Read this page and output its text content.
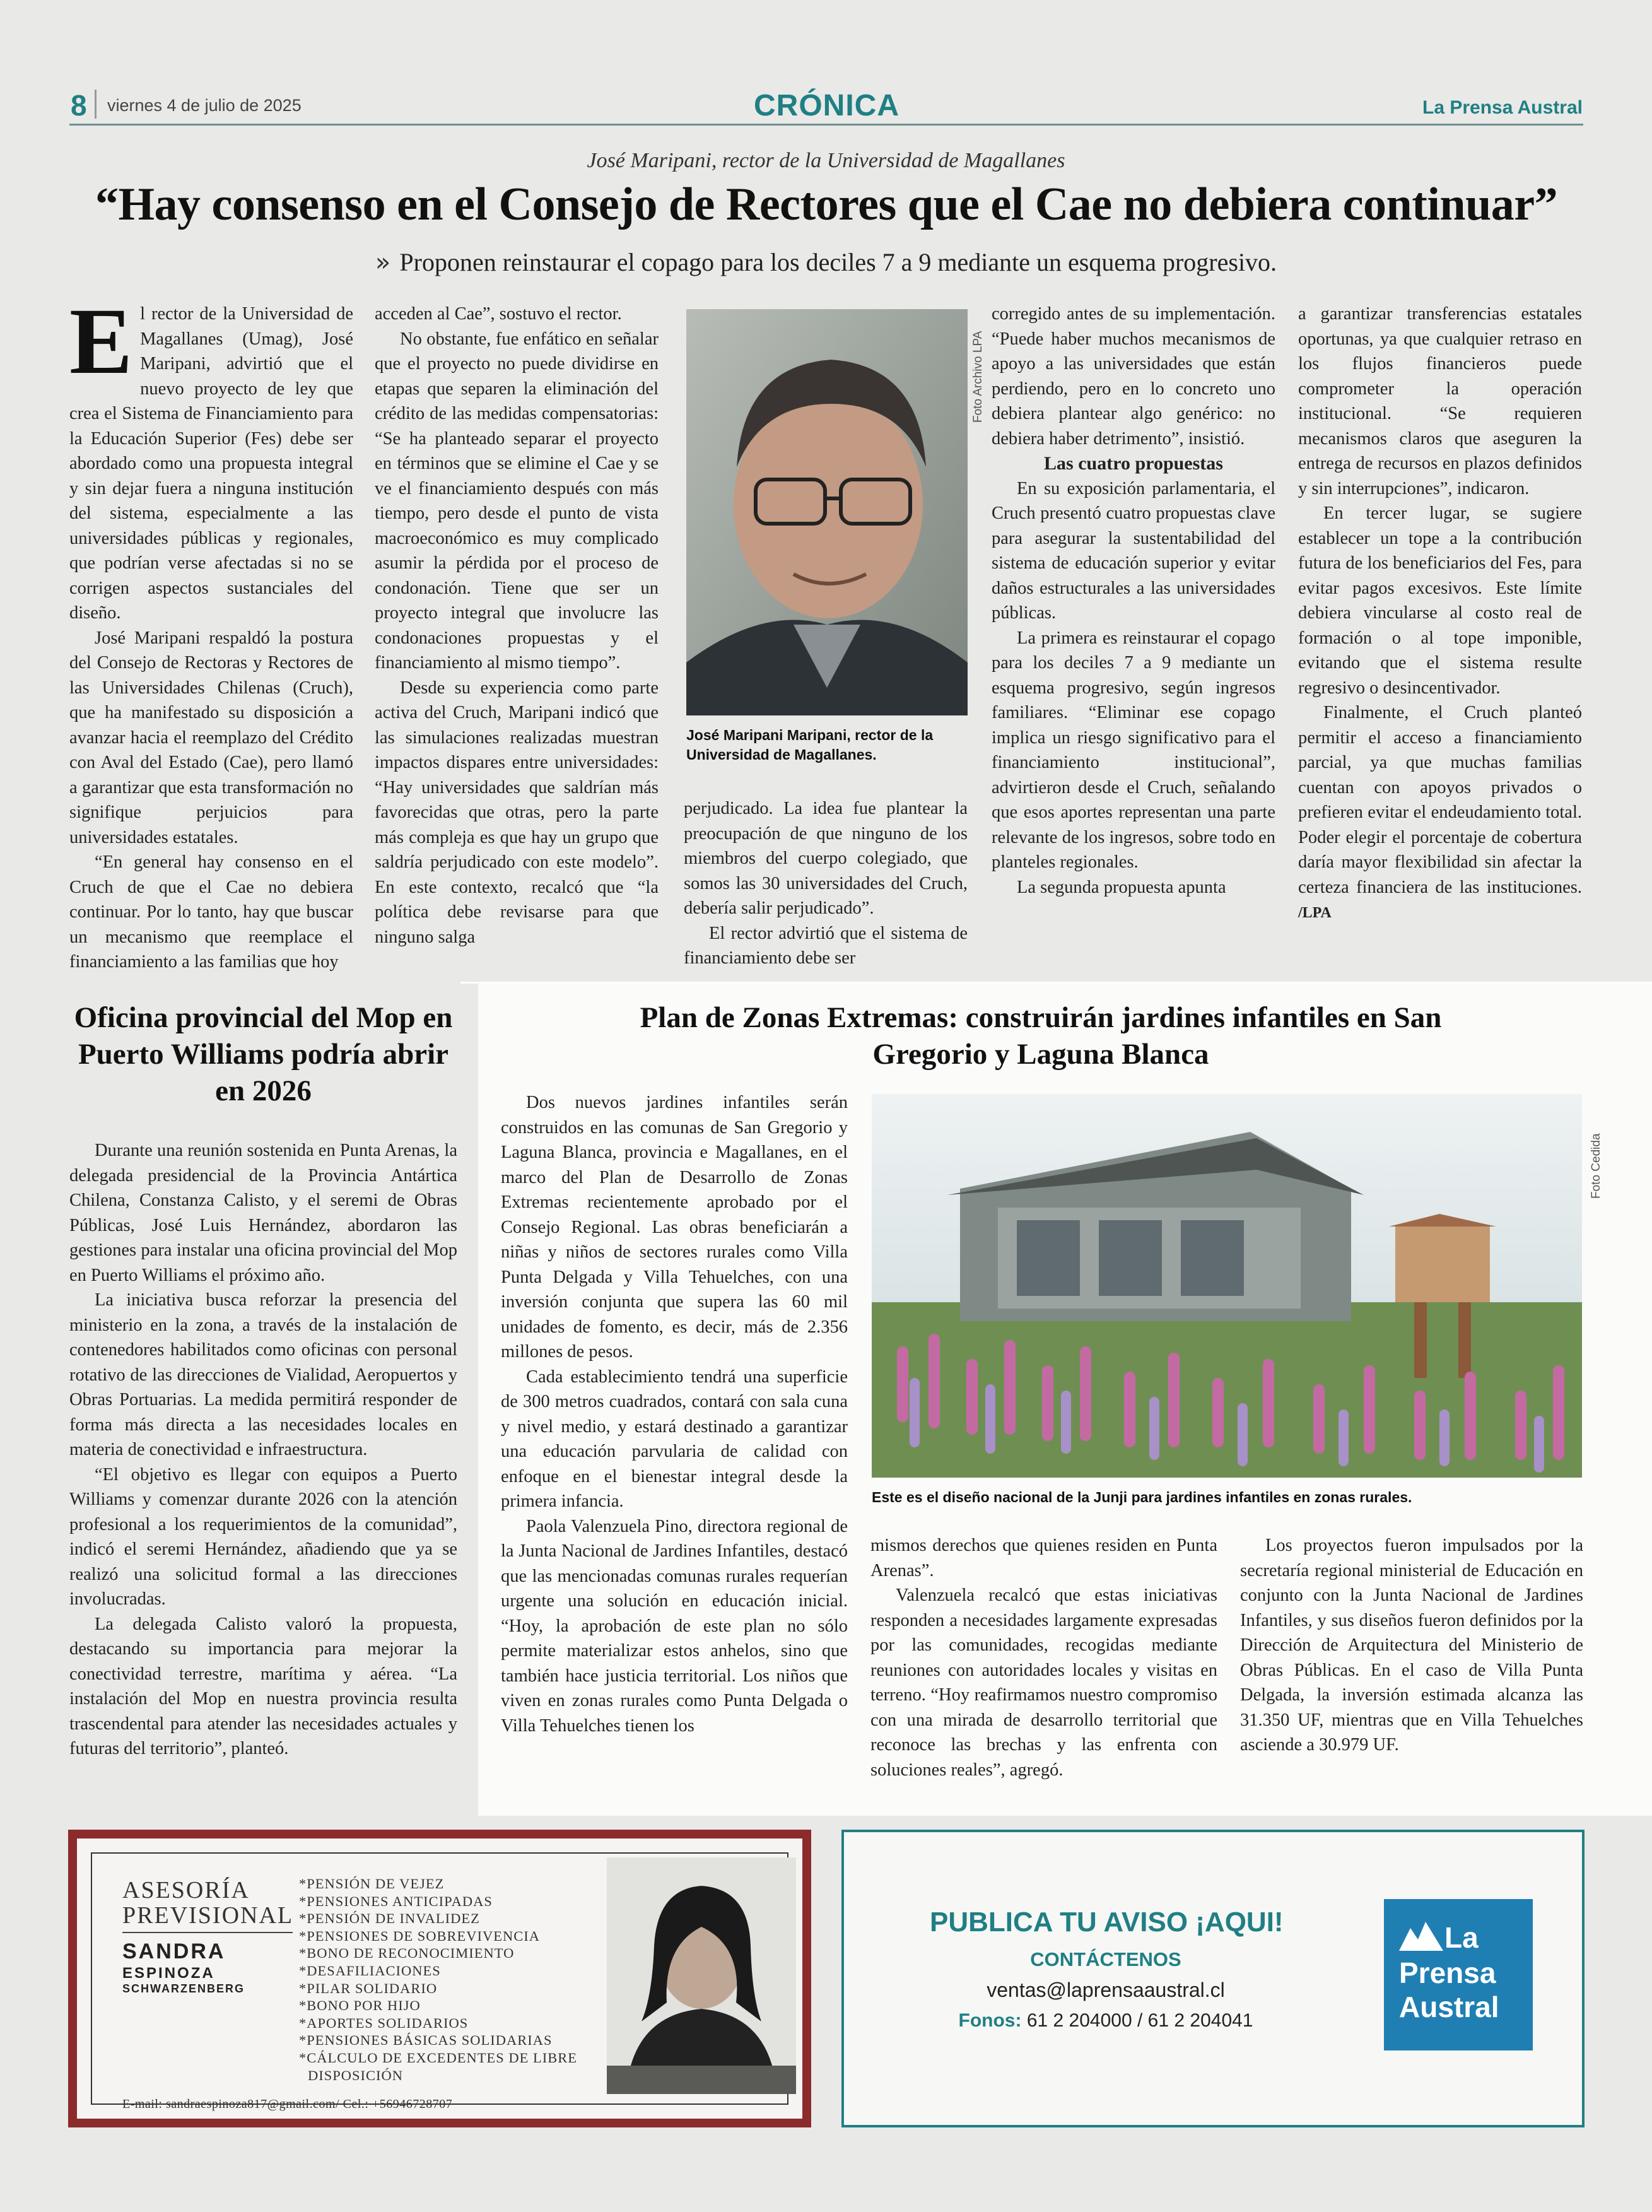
8 viernes 4 de julio de 2025	CRÓNICA	La Prensa Austral
José Maripani, rector de la Universidad de Magallanes
“Hay consenso en el Consejo de Rectores que el Cae no debiera continuar”
» Proponen reinstaurar el copago para los deciles 7 a 9 mediante un esquema progresivo.

El rector de la Universidad de Magallanes (Umag), José Maripani, advirtió que el nuevo proyecto de ley que crea el Sistema de Financiamiento para la Educación Superior (Fes) debe ser abordado como una propuesta integral y sin dejar fuera a ninguna institución del sistema, especialmente a las universidades públicas y regionales, que podrían verse afectadas si no se corrigen aspectos sustanciales del diseño.

José Maripani respaldó la postura del Consejo de Rectoras y Rectores de las Universidades Chilenas (Cruch), que ha manifestado su disposición a avanzar hacia el reemplazo del Crédito con Aval del Estado (Cae), pero llamó a garantizar que esta transformación no signifique perjuicios para universidades estatales.

“En general hay consenso en el Cruch de que el Cae no debiera continuar. Por lo tanto, hay que buscar un mecanismo que reemplace el financiamiento a las familias que hoy

acceden al Cae”, sostuvo el rector.

No obstante, fue enfático en señalar que el proyecto no puede dividirse en etapas que separen la eliminación del crédito de las medidas compensatorias: “Se ha planteado separar el proyecto en términos que se elimine el Cae y se ve el financiamiento después con más tiempo, pero desde el punto de vista macroeconómico es muy complicado asumir la pérdida por el proceso de condonación. Tiene que ser un proyecto integral que involucre las condonaciones propuestas y el financiamiento al mismo tiempo”.

Desde su experiencia como parte activa del Cruch, Maripani indicó que las simulaciones realizadas muestran impactos dispares entre universidades: “Hay universidades que saldrían más favorecidas que otras, pero la parte más compleja es que hay un grupo que saldría perjudicado con este modelo”. En este contexto, recalcó que “la política debe revisarse para que ninguno salga

Foto Archivo LPA
José Maripani Maripani, rector de la Universidad de Magallanes.

perjudicado. La idea fue plantear la preocupación de que ninguno de los miembros del cuerpo colegiado, que somos las 30 universidades del Cruch, debería salir perjudicado”.

El rector advirtió que el sistema de financiamiento debe ser

corregido antes de su implementación. “Puede haber muchos mecanismos de apoyo a las universidades que están perdiendo, pero en lo concreto uno debiera plantear algo genérico: no debiera haber detrimento”, insistió.

Las cuatro propuestas

En su exposición parlamentaria, el Cruch presentó cuatro propuestas clave para asegurar la sustentabilidad del sistema de educación superior y evitar daños estructurales a las universidades públicas.

La primera es reinstaurar el copago para los deciles 7 a 9 mediante un esquema progresivo, según ingresos familiares. “Eliminar ese copago implica un riesgo significativo para el financiamiento institucional”, advirtieron desde el Cruch, señalando que esos aportes representan una parte relevante de los ingresos, sobre todo en planteles regionales.

La segunda propuesta apunta

a garantizar transferencias estatales oportunas, ya que cualquier retraso en los flujos financieros puede comprometer la operación institucional. “Se requieren mecanismos claros que aseguren la entrega de recursos en plazos definidos y sin interrupciones”, indicaron.

En tercer lugar, se sugiere establecer un tope a la contribución futura de los beneficiarios del Fes, para evitar pagos excesivos. Este límite debiera vincularse al costo real de formación o al tope imponible, evitando que el sistema resulte regresivo o desincentivador.

Finalmente, el Cruch planteó permitir el acceso a financiamiento parcial, ya que muchas familias cuentan con apoyos privados o prefieren evitar el endeudamiento total. Poder elegir el porcentaje de cobertura daría mayor flexibilidad sin afectar la certeza financiera de las instituciones. /LPA

Oficina provincial del Mop en Puerto Williams podría abrir en 2026

Durante una reunión sostenida en Punta Arenas, la delegada presidencial de la Provincia Antártica Chilena, Constanza Calisto, y el seremi de Obras Públicas, José Luis Hernández, abordaron las gestiones para instalar una oficina provincial del Mop en Puerto Williams el próximo año.

La iniciativa busca reforzar la presencia del ministerio en la zona, a través de la instalación de contenedores habilitados como oficinas con personal rotativo de las direcciones de Vialidad, Aeropuertos y Obras Portuarias. La medida permitirá responder de forma más directa a las necesidades locales en materia de conectividad e infraestructura.

“El objetivo es llegar con equipos a Puerto Williams y comenzar durante 2026 con la atención profesional a los requerimientos de la comunidad”, indicó el seremi Hernández, añadiendo que ya se realizó una solicitud formal a las direcciones involucradas.

La delegada Calisto valoró la propuesta, destacando su importancia para mejorar la conectividad terrestre, marítima y aérea. “La instalación del Mop en nuestra provincia resulta trascendental para atender las necesidades actuales y futuras del territorio”, planteó.

Plan de Zonas Extremas: construirán jardines infantiles en San Gregorio y Laguna Blanca

Dos nuevos jardines infantiles serán construidos en las comunas de San Gregorio y Laguna Blanca, provincia e Magallanes, en el marco del Plan de Desarrollo de Zonas Extremas recientemente aprobado por el Consejo Regional. Las obras beneficiarán a niñas y niños de sectores rurales como Villa Punta Delgada y Villa Tehuelches, con una inversión conjunta que supera las 60 mil unidades de fomento, es decir, más de 2.356 millones de pesos.

Cada establecimiento tendrá una superficie de 300 metros cuadrados, contará con sala cuna y nivel medio, y estará destinado a garantizar una educación parvularia de calidad con enfoque en el bienestar integral desde la primera infancia.

Paola Valenzuela Pino, directora regional de la Junta Nacional de Jardines Infantiles, destacó que las mencionadas comunas rurales requerían urgente una solución en educación inicial. “Hoy, la aprobación de este plan no sólo permite materializar estos anhelos, sino que también hace justicia territorial. Los niños que viven en zonas rurales como Punta Delgada o Villa Tehuelches tienen los

Foto Cedida
Este es el diseño nacional de la Junji para jardines infantiles en zonas rurales.

mismos derechos que quienes residen en Punta Arenas”.

Valenzuela recalcó que estas iniciativas responden a necesidades largamente expresadas por las comunidades, recogidas mediante reuniones con autoridades locales y visitas en terreno. “Hoy reafirmamos nuestro compromiso con una mirada de desarrollo territorial que reconoce las brechas y las enfrenta con soluciones reales”, agregó.

Los proyectos fueron impulsados por la secretaría regional ministerial de Educación en conjunto con la Junta Nacional de Jardines Infantiles, y sus diseños fueron definidos por la Dirección de Arquitectura del Ministerio de Obras Públicas. En el caso de Villa Punta Delgada, la inversión estimada alcanza las 31.350 UF, mientras que en Villa Tehuelches asciende a 30.979 UF.

ASESORÍA
PREVISIONAL
SANDRA
ESPINOZA
SCHWARZENBERG
*PENSIÓN DE VEJEZ
*PENSIONES ANTICIPADAS
*PENSIÓN DE INVALIDEZ
*PENSIONES DE SOBREVIVENCIA
*BONO DE RECONOCIMIENTO
*DESAFILIACIONES
*PILAR SOLIDARIO
*BONO POR HIJO
*APORTES SOLIDARIOS
*PENSIONES BÁSICAS SOLIDARIAS
*CÁLCULO DE EXCEDENTES DE LIBRE
DISPOSICIÓN
E-mail: sandraespinoza817@gmail.com/ Cel.: +56946728707
PUBLICA TU AVISO ¡AQUI!
CONTÁCTENOS
ventas@laprensaaustral.cl
Fonos: 61 2 204000 / 61 2 204041
La
Prensa
Austral
